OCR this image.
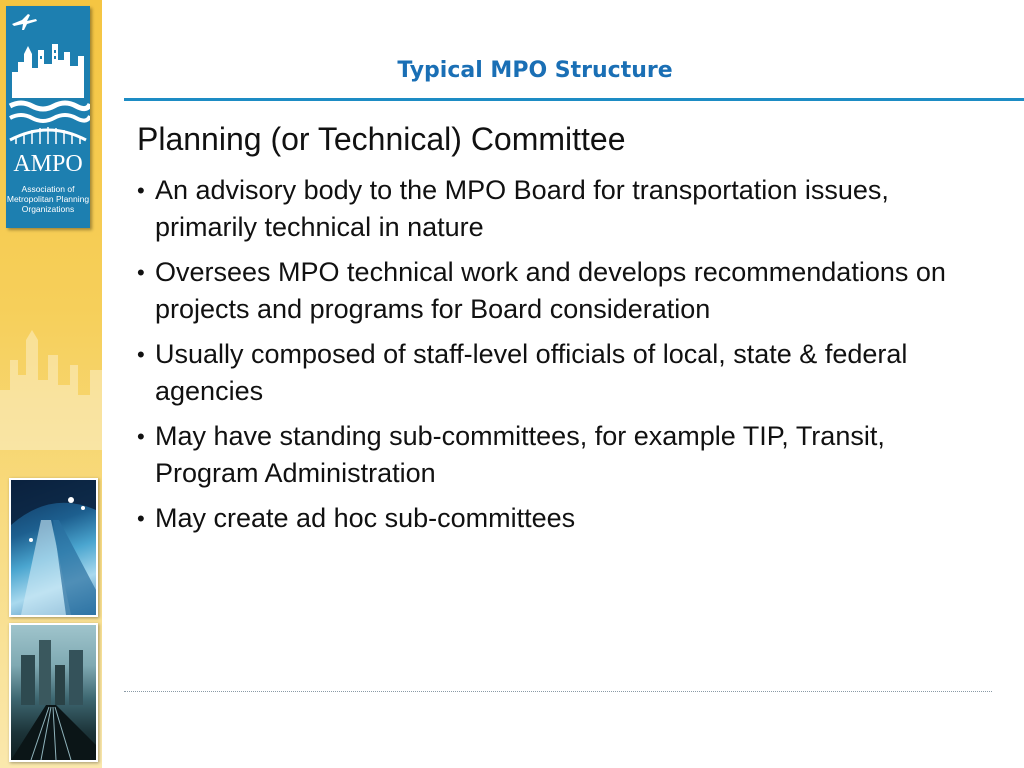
AMPO
Association of Metropolitan Planning Organizations
Typical MPO Structure
Planning (or Technical) Committee
• An advisory body to the MPO Board for transportation issues, primarily technical in nature
• Oversees MPO technical work and develops recommendations on projects and programs for Board consideration
• Usually composed of staff-level officials of local, state & federal agencies
• May have standing sub-committees, for example TIP, Transit, Program Administration
• May create ad hoc sub-committees
